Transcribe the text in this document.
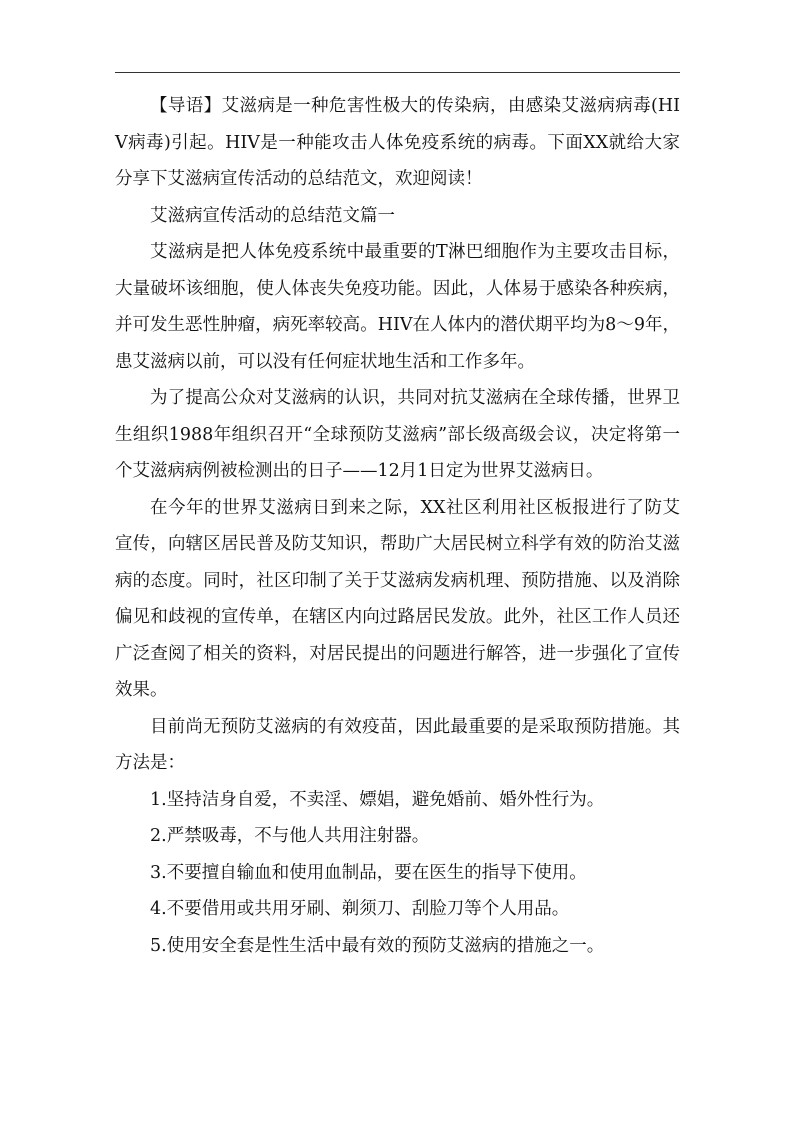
【导语】艾滋病是一种危害性极大的传染病，由感染艾滋病病毒(HIV病毒)引起。HIV是一种能攻击人体免疫系统的病毒。下面XX就给大家分享下艾滋病宣传活动的总结范文，欢迎阅读！

艾滋病宣传活动的总结范文篇一

艾滋病是把人体免疫系统中最重要的T淋巴细胞作为主要攻击目标，大量破坏该细胞，使人体丧失免疫功能。因此，人体易于感染各种疾病，并可发生恶性肿瘤，病死率较高。HIV在人体内的潜伏期平均为8～9年，患艾滋病以前，可以没有任何症状地生活和工作多年。

为了提高公众对艾滋病的认识，共同对抗艾滋病在全球传播，世界卫生组织1988年组织召开“全球预防艾滋病”部长级高级会议，决定将第一个艾滋病病例被检测出的日子——12月1日定为世界艾滋病日。

在今年的世界艾滋病日到来之际，XX社区利用社区板报进行了防艾宣传，向辖区居民普及防艾知识，帮助广大居民树立科学有效的防治艾滋病的态度。同时，社区印制了关于艾滋病发病机理、预防措施、以及消除偏见和歧视的宣传单，在辖区内向过路居民发放。此外，社区工作人员还广泛查阅了相关的资料，对居民提出的问题进行解答，进一步强化了宣传效果。

目前尚无预防艾滋病的有效疫苗，因此最重要的是采取预防措施。其方法是：

1.坚持洁身自爱，不卖淫、嫖娼，避免婚前、婚外性行为。

2.严禁吸毒，不与他人共用注射器。

3.不要擅自输血和使用血制品，要在医生的指导下使用。

4.不要借用或共用牙刷、剃须刀、刮脸刀等个人用品。

5.使用安全套是性生活中最有效的预防艾滋病的措施之一。
